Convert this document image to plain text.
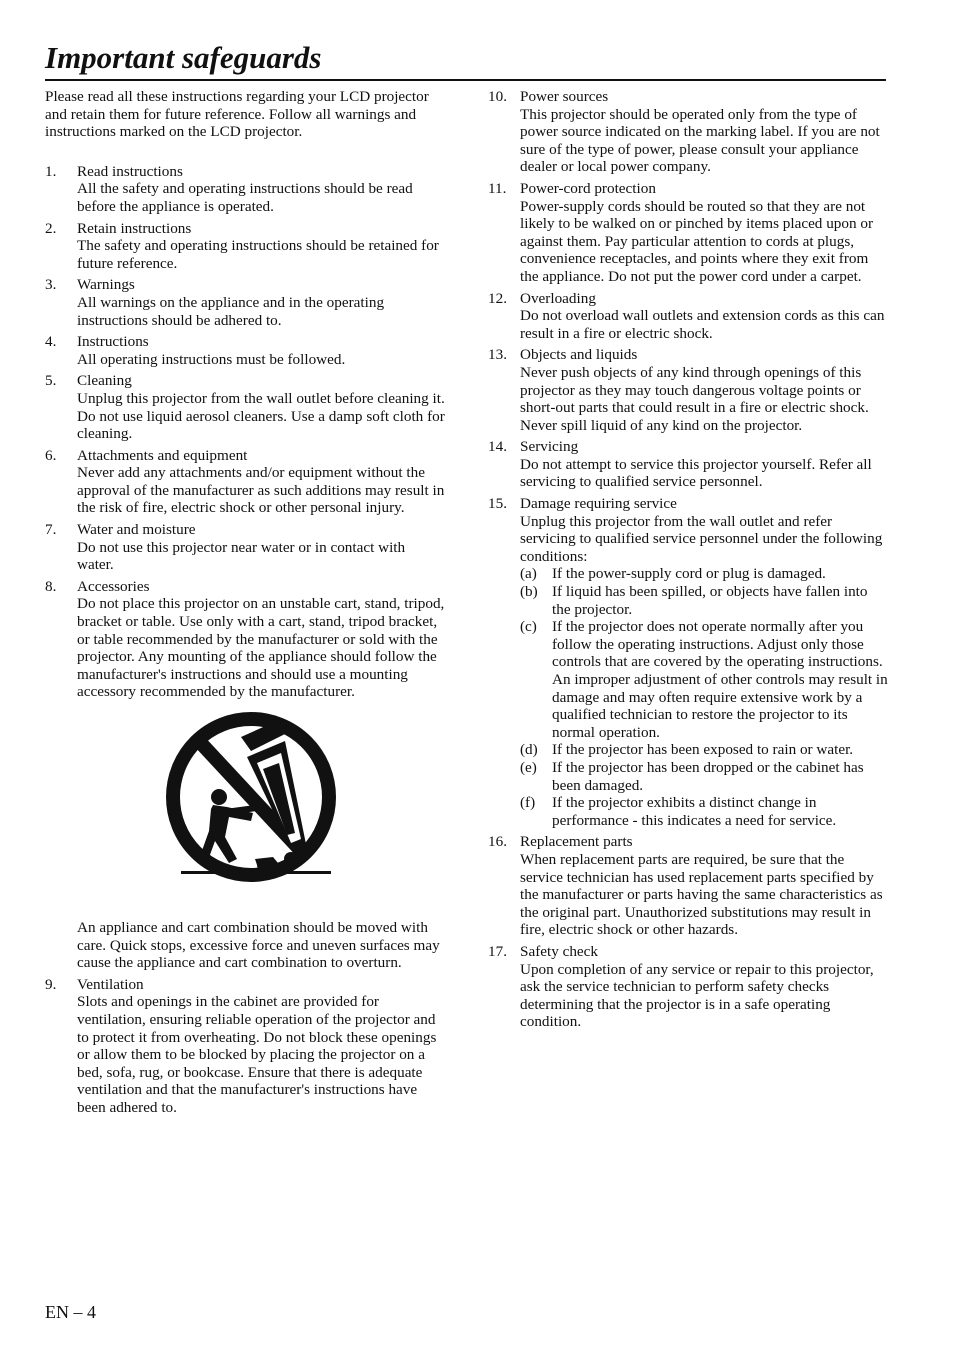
Important safeguards

Please read all these instructions regarding your LCD projector and retain them for future reference. Follow all warnings and instructions marked on the LCD projector.

1. Read instructions
All the safety and operating instructions should be read before the appliance is operated.
2. Retain instructions
The safety and operating instructions should be retained for future reference.
3. Warnings
All warnings on the appliance and in the operating instructions should be adhered to.
4. Instructions
All operating instructions must be followed.
5. Cleaning
Unplug this projector from the wall outlet before cleaning it. Do not use liquid aerosol cleaners. Use a damp soft cloth for cleaning.
6. Attachments and equipment
Never add any attachments and/or equipment without the approval of the manufacturer as such additions may result in the risk of fire, electric shock or other personal injury.
7. Water and moisture
Do not use this projector near water or in contact with water.
8. Accessories
Do not place this projector on an unstable cart, stand, tripod, bracket or table. Use only with a cart, stand, tripod bracket, or table recommended by the manufacturer or sold with the projector. Any mounting of the appliance should follow the manufacturer's instructions and should use a mounting accessory recommended by the manufacturer.

An appliance and cart combination should be moved with care. Quick stops, excessive force and uneven surfaces may cause the appliance and cart combination to overturn.

9. Ventilation
Slots and openings in the cabinet are provided for ventilation, ensuring reliable operation of the projector and to protect it from overheating. Do not block these openings or allow them to be blocked by placing the projector on a bed, sofa, rug, or bookcase. Ensure that there is adequate ventilation and that the manufacturer's instructions have been adhered to.
10. Power sources
This projector should be operated only from the type of power source indicated on the marking label. If you are not sure of the type of power, please consult your appliance dealer or local power company.
11. Power-cord protection
Power-supply cords should be routed so that they are not likely to be walked on or pinched by items placed upon or against them. Pay particular attention to cords at plugs, convenience receptacles, and points where they exit from the appliance. Do not put the power cord under a carpet.
12. Overloading
Do not overload wall outlets and extension cords as this can result in a fire or electric shock.
13. Objects and liquids
Never push objects of any kind through openings of this projector as they may touch dangerous voltage points or short-out parts that could result in a fire or electric shock. Never spill liquid of any kind on the projector.
14. Servicing
Do not attempt to service this projector yourself. Refer all servicing to qualified service personnel.
15. Damage requiring service
Unplug this projector from the wall outlet and refer servicing to qualified service personnel under the following conditions:
(a) If the power-supply cord or plug is damaged.
(b) If liquid has been spilled, or objects have fallen into the projector.
(c) If the projector does not operate normally after you follow the operating instructions. Adjust only those controls that are covered by the operating instructions. An improper adjustment of other controls may result in damage and may often require extensive work by a qualified technician to restore the projector to its normal operation.
(d) If the projector has been exposed to rain or water.
(e) If the projector has been dropped or the cabinet has been damaged.
(f) If the projector exhibits a distinct change in performance - this indicates a need for service.
16. Replacement parts
When replacement parts are required, be sure that the service technician has used replacement parts specified by the manufacturer or parts having the same characteristics as the original part. Unauthorized substitutions may result in fire, electric shock or other hazards.
17. Safety check
Upon completion of any service or repair to this projector, ask the service technician to perform safety checks determining that the projector is in a safe operating condition.
EN – 4
